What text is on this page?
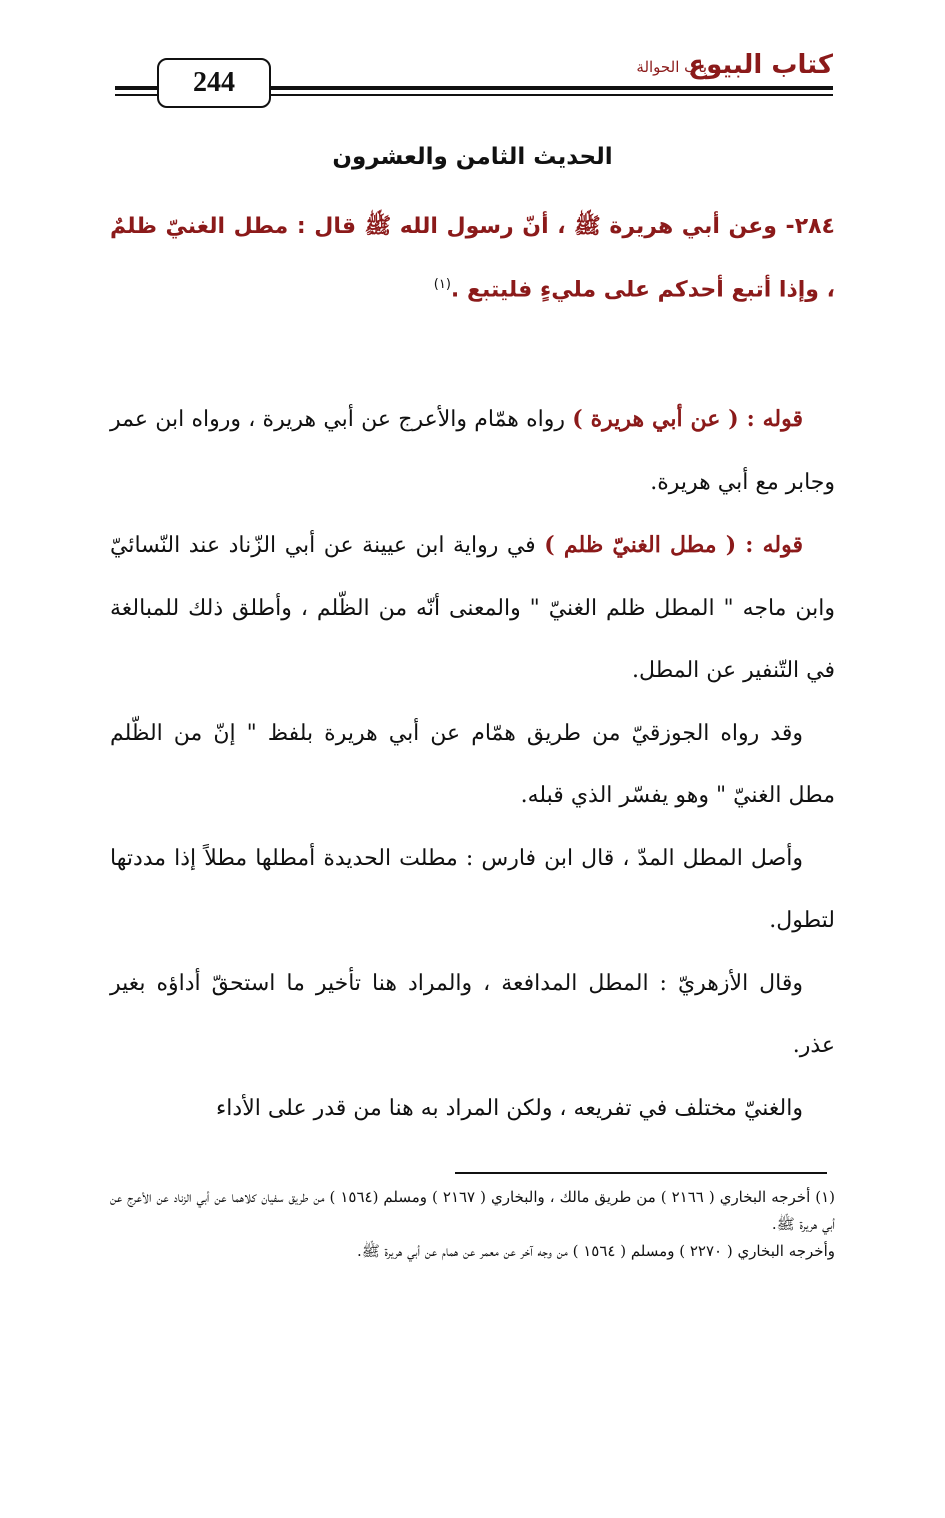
244
كتاب البيوع
باب الحوالة
الحديث الثامن والعشرون
٢٨٤- وعن أبي هريرة ﷺ ، أنّ رسول الله ﷺ قال : مطل الغنيّ ظلمٌ ، وإذا أتبع أحدكم على مليءٍ فليتبع .$^{(١)}$

قوله : ( عن أبي هريرة ) رواه همّام والأعرج عن أبي هريرة ، ورواه ابن عمر وجابر مع أبي هريرة.

قوله : ( مطل الغنيّ ظلم ) في رواية ابن عيينة عن أبي الزّناد عند النّسائيّ وابن ماجه " المطل ظلم الغنيّ " والمعنى أنّه من الظّلم ، وأطلق ذلك للمبالغة في التّنفير عن المطل.

وقد رواه الجوزقيّ من طريق همّام عن أبي هريرة بلفظ " إنّ من الظّلم مطل الغنيّ " وهو يفسّر الذي قبله.

وأصل المطل المدّ ، قال ابن فارس : مطلت الحديدة أمطلها مطلاً إذا مددتها لتطول.

وقال الأزهريّ : المطل المدافعة ، والمراد هنا تأخير ما استحقّ أداؤه بغير عذر.

والغنيّ مختلف في تفريعه ، ولكن المراد به هنا من قدر على الأداء

(١) أخرجه البخاري ( ٢١٦٦ ) من طريق مالك ، والبخاري ( ٢١٦٧ ) ومسلم (١٥٦٤ ) من طريق سفيان كلاهما عن أبي الزناد عن الأعرج عن أبي هريرة ﷺ.

وأخرجه البخاري ( ٢٢٧٠ ) ومسلم ( ١٥٦٤ ) من وجه آخر عن معمر عن همام عن أبي هريرة ﷺ.
